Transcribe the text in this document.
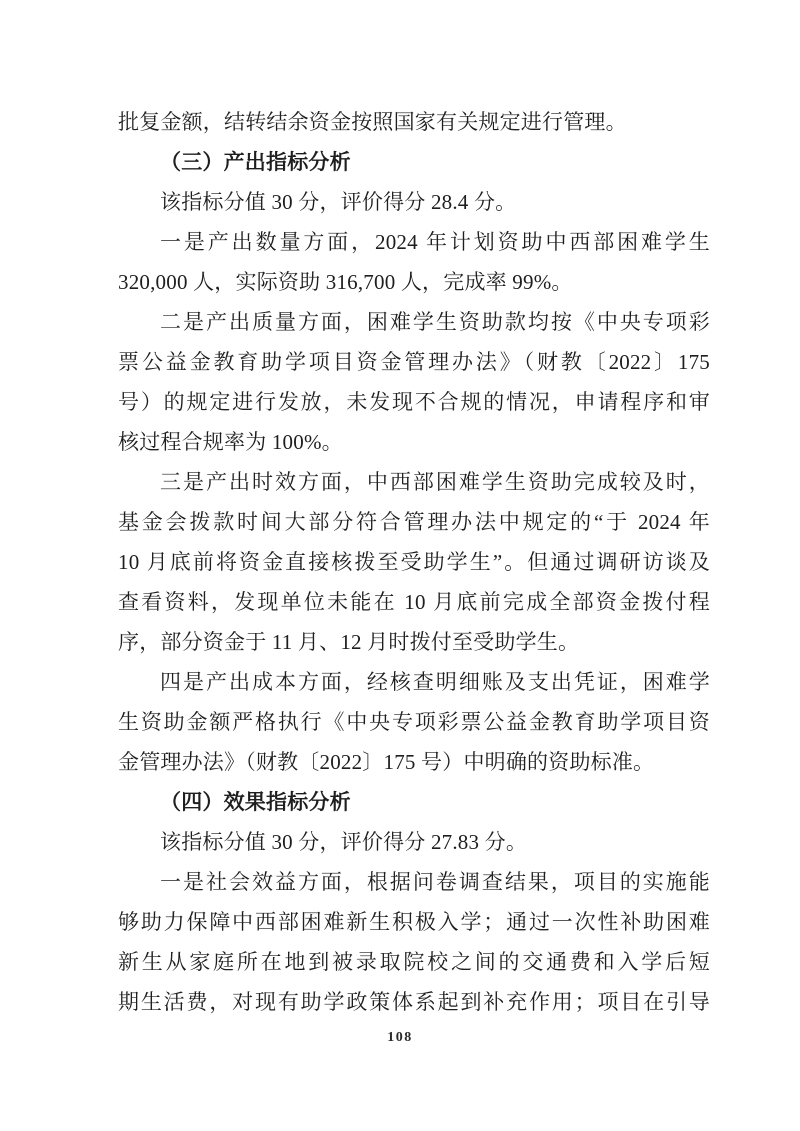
批复金额，结转结余资金按照国家有关规定进行管理。
（三）产出指标分析
该指标分值 30 分，评价得分 28.4 分。
一是产出数量方面，2024 年计划资助中西部困难学生
320,000 人，实际资助 316,700 人，完成率 99%。
二是产出质量方面，困难学生资助款均按《中央专项彩
票公益金教育助学项目资金管理办法》（财教〔2022〕175
号）的规定进行发放，未发现不合规的情况，申请程序和审
核过程合规率为 100%。
三是产出时效方面，中西部困难学生资助完成较及时，
基金会拨款时间大部分符合管理办法中规定的“于 2024 年
10 月底前将资金直接核拨至受助学生”。但通过调研访谈及
查看资料，发现单位未能在 10 月底前完成全部资金拨付程
序，部分资金于 11 月、12 月时拨付至受助学生。
四是产出成本方面，经核查明细账及支出凭证，困难学
生资助金额严格执行《中央专项彩票公益金教育助学项目资
金管理办法》（财教〔2022〕175 号）中明确的资助标准。
（四）效果指标分析
该指标分值 30 分，评价得分 27.83 分。
一是社会效益方面，根据问卷调查结果，项目的实施能
够助力保障中西部困难新生积极入学；通过一次性补助困难
新生从家庭所在地到被录取院校之间的交通费和入学后短
期生活费，对现有助学政策体系起到补充作用；项目在引导
108
